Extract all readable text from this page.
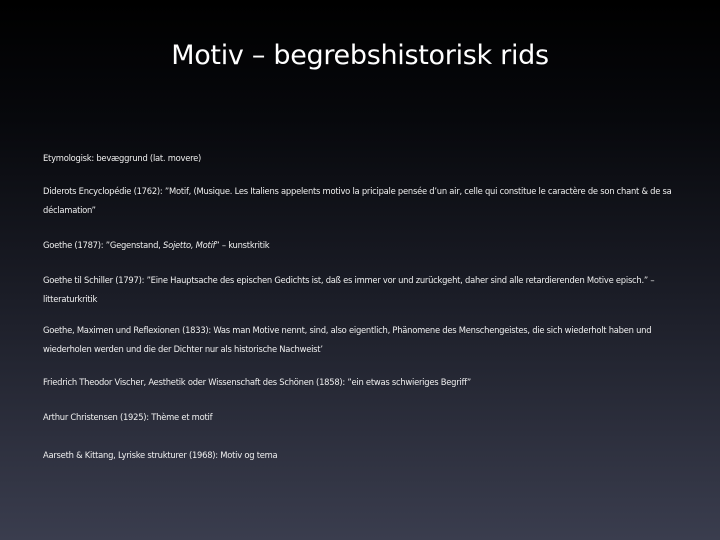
Motiv – begrebshistorisk rids

Etymologisk: bevæggrund (lat. movere)

Diderots Encyclopédie (1762): ”Motif, (Musique. Les Italiens appelents motivo la pricipale pensée d’un air, celle qui constitue le caractère de son chant & de sa déclamation”

Goethe (1787): ”Gegenstand, Sojetto, Motif” – kunstkritik

Goethe til Schiller (1797): ”Eine Hauptsache des epischen Gedichts ist, daß es immer vor und zurückgeht, daher sind alle retardierenden Motive episch.” – litteraturkritik

Goethe, Maximen und Reflexionen (1833): Was man Motive nennt, sind, also eigentlich, Phänomene des Menschengeistes, die sich wiederholt haben und wiederholen werden und die der Dichter nur als historische Nachweist’

Friedrich Theodor Vischer, Aesthetik oder Wissenschaft des Schönen (1858): ”ein etwas schwieriges Begriff”

Arthur Christensen (1925): Thème et motif

Aarseth & Kittang, Lyriske strukturer (1968): Motiv og tema
